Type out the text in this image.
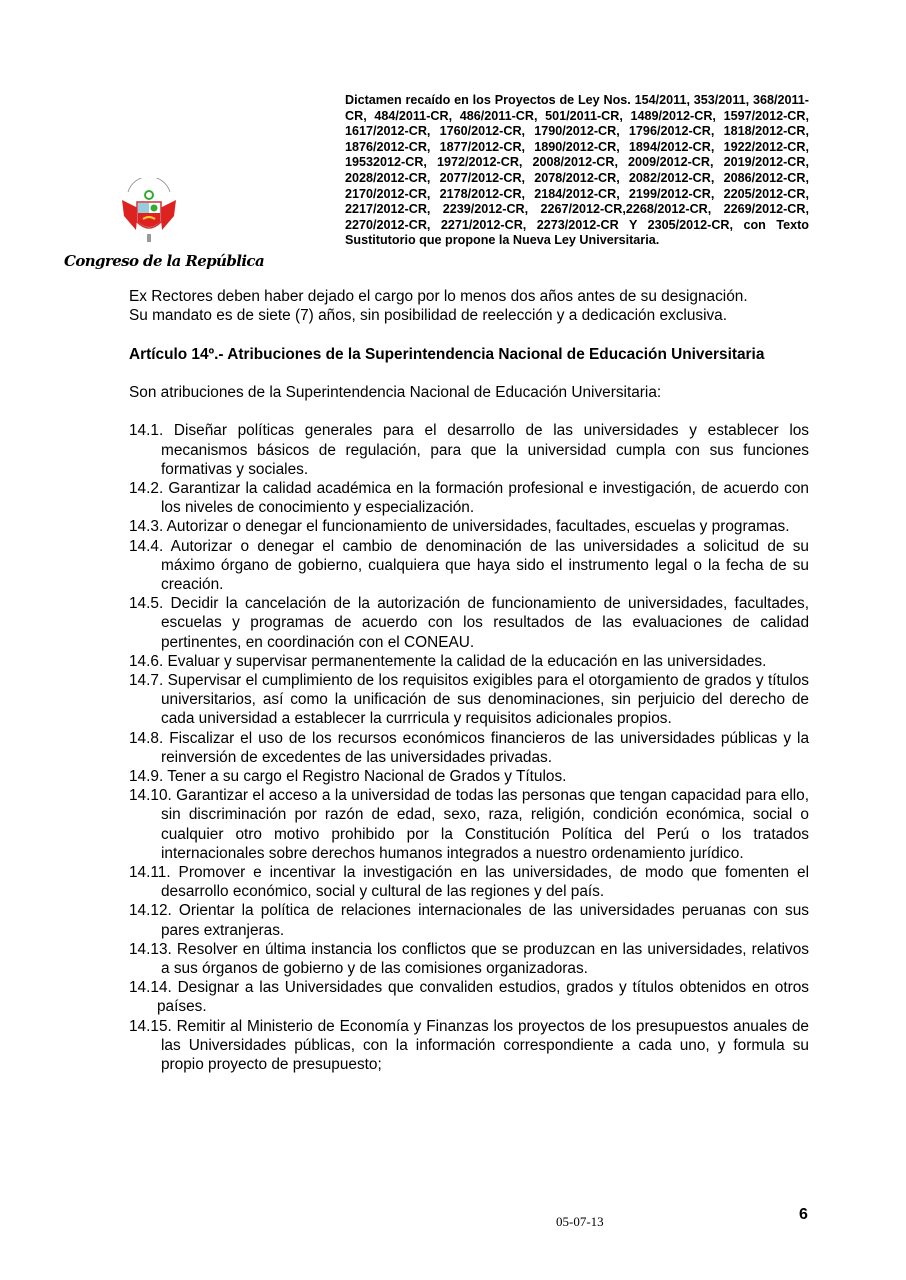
Dictamen recaído en los Proyectos de Ley Nos. 154/2011, 353/2011, 368/2011-CR, 484/2011-CR, 486/2011-CR, 501/2011-CR, 1489/2012-CR, 1597/2012-CR, 1617/2012-CR, 1760/2012-CR, 1790/2012-CR, 1796/2012-CR, 1818/2012-CR, 1876/2012-CR, 1877/2012-CR, 1890/2012-CR, 1894/2012-CR, 1922/2012-CR, 19532012-CR, 1972/2012-CR, 2008/2012-CR, 2009/2012-CR, 2019/2012-CR, 2028/2012-CR, 2077/2012-CR, 2078/2012-CR, 2082/2012-CR, 2086/2012-CR, 2170/2012-CR, 2178/2012-CR, 2184/2012-CR, 2199/2012-CR, 2205/2012-CR, 2217/2012-CR, 2239/2012-CR, 2267/2012-CR,2268/2012-CR, 2269/2012-CR, 2270/2012-CR, 2271/2012-CR, 2273/2012-CR Y 2305/2012-CR, con Texto Sustitutorio que propone la Nueva Ley Universitaria.
Congreso de la República

Ex Rectores deben haber dejado el cargo por lo menos dos años antes de su designación.

Su mandato es de siete (7) años, sin posibilidad de reelección y a dedicación exclusiva.

Artículo 14º.- Atribuciones de la Superintendencia Nacional de Educación Universitaria

Son atribuciones de la Superintendencia Nacional de Educación Universitaria:

14.1. Diseñar políticas generales para el desarrollo de las universidades y establecer los mecanismos básicos de regulación, para que la universidad cumpla con sus funciones formativas y sociales.

14.2. Garantizar la calidad académica en la formación profesional e investigación, de acuerdo con los niveles de conocimiento y especialización.

14.3. Autorizar o denegar el funcionamiento de universidades, facultades, escuelas y programas.

14.4. Autorizar o denegar el cambio de denominación de las universidades a solicitud de su máximo órgano de gobierno, cualquiera que haya sido el instrumento legal o la fecha de su creación.

14.5. Decidir la cancelación de la autorización de funcionamiento de universidades, facultades, escuelas y programas de acuerdo con los resultados de las evaluaciones de calidad pertinentes, en coordinación con el CONEAU.

14.6. Evaluar y supervisar permanentemente la calidad de la educación en las universidades.

14.7. Supervisar el cumplimiento de los requisitos exigibles para el otorgamiento de grados y títulos universitarios, así como la unificación de sus denominaciones, sin perjuicio del derecho de cada universidad a establecer la currricula y requisitos adicionales propios.

14.8. Fiscalizar el uso de los recursos económicos financieros de las universidades públicas y la reinversión de excedentes de las universidades privadas.

14.9. Tener a su cargo el Registro Nacional de Grados y Títulos.

14.10. Garantizar el acceso a la universidad de todas las personas que tengan capacidad para ello, sin discriminación por razón de edad, sexo, raza, religión, condición económica, social o cualquier otro motivo prohibido por la Constitución Política del Perú o los tratados internacionales sobre derechos humanos integrados a nuestro ordenamiento jurídico.

14.11. Promover e incentivar la investigación en las universidades, de modo que fomenten el desarrollo económico, social y cultural de las regiones y del país.

14.12. Orientar la política de relaciones internacionales de las universidades peruanas con sus pares extranjeras.

14.13. Resolver en última instancia los conflictos que se produzcan en las universidades, relativos a sus órganos de gobierno y de las comisiones organizadoras.

14.14. Designar a las Universidades que convaliden estudios, grados y títulos obtenidos en otros países.

14.15. Remitir al Ministerio de Economía y Finanzas los proyectos de los presupuestos anuales de las Universidades públicas, con la información correspondiente a cada uno, y formula su propio proyecto de presupuesto;

05-07-13	6
